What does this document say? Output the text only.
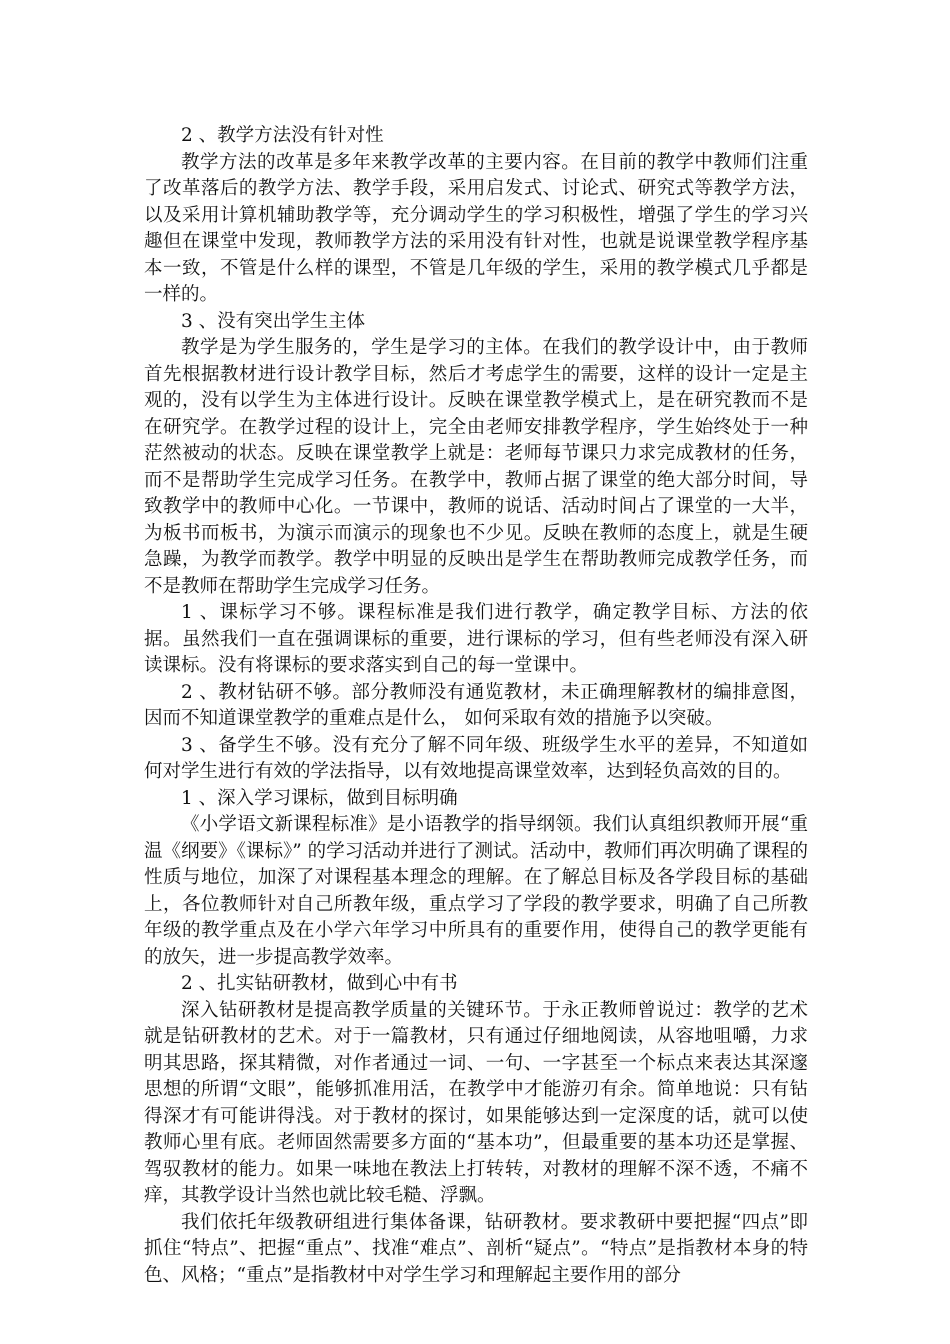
2 、教学方法没有针对性

教学方法的改革是多年来教学改革的主要内容。在目前的教学中教师们注重了改革落后的教学方法、教学手段，采用启发式、讨论式、研究式等教学方法，以及采用计算机辅助教学等，充分调动学生的学习积极性，增强了学生的学习兴趣但在课堂中发现，教师教学方法的采用没有针对性，也就是说课堂教学程序基本一致，不管是什么样的课型，不管是几年级的学生，采用的教学模式几乎都是一样的。

3 、没有突出学生主体

教学是为学生服务的，学生是学习的主体。在我们的教学设计中，由于教师首先根据教材进行设计教学目标，然后才考虑学生的需要，这样的设计一定是主观的，没有以学生为主体进行设计。反映在课堂教学模式上，是在研究教而不是在研究学。在教学过程的设计上，完全由老师安排教学程序，学生始终处于一种茫然被动的状态。反映在课堂教学上就是：老师每节课只力求完成教材的任务，而不是帮助学生完成学习任务。在教学中，教师占据了课堂的绝大部分时间，导致教学中的教师中心化。一节课中，教师的说话、活动时间占了课堂的一大半，为板书而板书，为演示而演示的现象也不少见。反映在教师的态度上，就是生硬急躁，为教学而教学。教学中明显的反映出是学生在帮助教师完成教学任务，而不是教师在帮助学生完成学习任务。

1 、课标学习不够。课程标准是我们进行教学，确定教学目标、方法的依据。虽然我们一直在强调课标的重要，进行课标的学习，但有些老师没有深入研读课标。没有将课标的要求落实到自己的每一堂课中。

2 、教材钻研不够。部分教师没有通览教材，未正确理解教材的编排意图，因而不知道课堂教学的重难点是什么， 如何采取有效的措施予以突破。

3 、备学生不够。没有充分了解不同年级、班级学生水平的差异，不知道如何对学生进行有效的学法指导，以有效地提高课堂效率，达到轻负高效的目的。

1 、深入学习课标，做到目标明确

《小学语文新课程标准》是小语教学的指导纲领。我们认真组织教师开展“重温《纲要》《课标》” 的学习活动并进行了测试。活动中，教师们再次明确了课程的性质与地位，加深了对课程基本理念的理解。在了解总目标及各学段目标的基础上，各位教师针对自己所教年级，重点学习了学段的教学要求，明确了自己所教年级的教学重点及在小学六年学习中所具有的重要作用，使得自己的教学更能有的放矢，进一步提高教学效率。

2 、扎实钻研教材，做到心中有书

深入钻研教材是提高教学质量的关键环节。于永正教师曾说过：教学的艺术就是钻研教材的艺术。对于一篇教材，只有通过仔细地阅读，从容地咀嚼，力求明其思路，探其精微，对作者通过一词、一句、一字甚至一个标点来表达其深邃思想的所谓“文眼”，能够抓准用活，在教学中才能游刃有余。简单地说：只有钻得深才有可能讲得浅。对于教材的探讨，如果能够达到一定深度的话，就可以使教师心里有底。老师固然需要多方面的“基本功”，但最重要的基本功还是掌握、驾驭教材的能力。如果一味地在教法上打转转，对教材的理解不深不透，不痛不痒，其教学设计当然也就比较毛糙、浮飘。

我们依托年级教研组进行集体备课，钻研教材。要求教研中要把握“四点”即抓住“特点”、把握“重点”、找准“难点”、剖析“疑点”。“特点”是指教材本身的特色、风格；“重点”是指教材中对学生学习和理解起主要作用的部分
